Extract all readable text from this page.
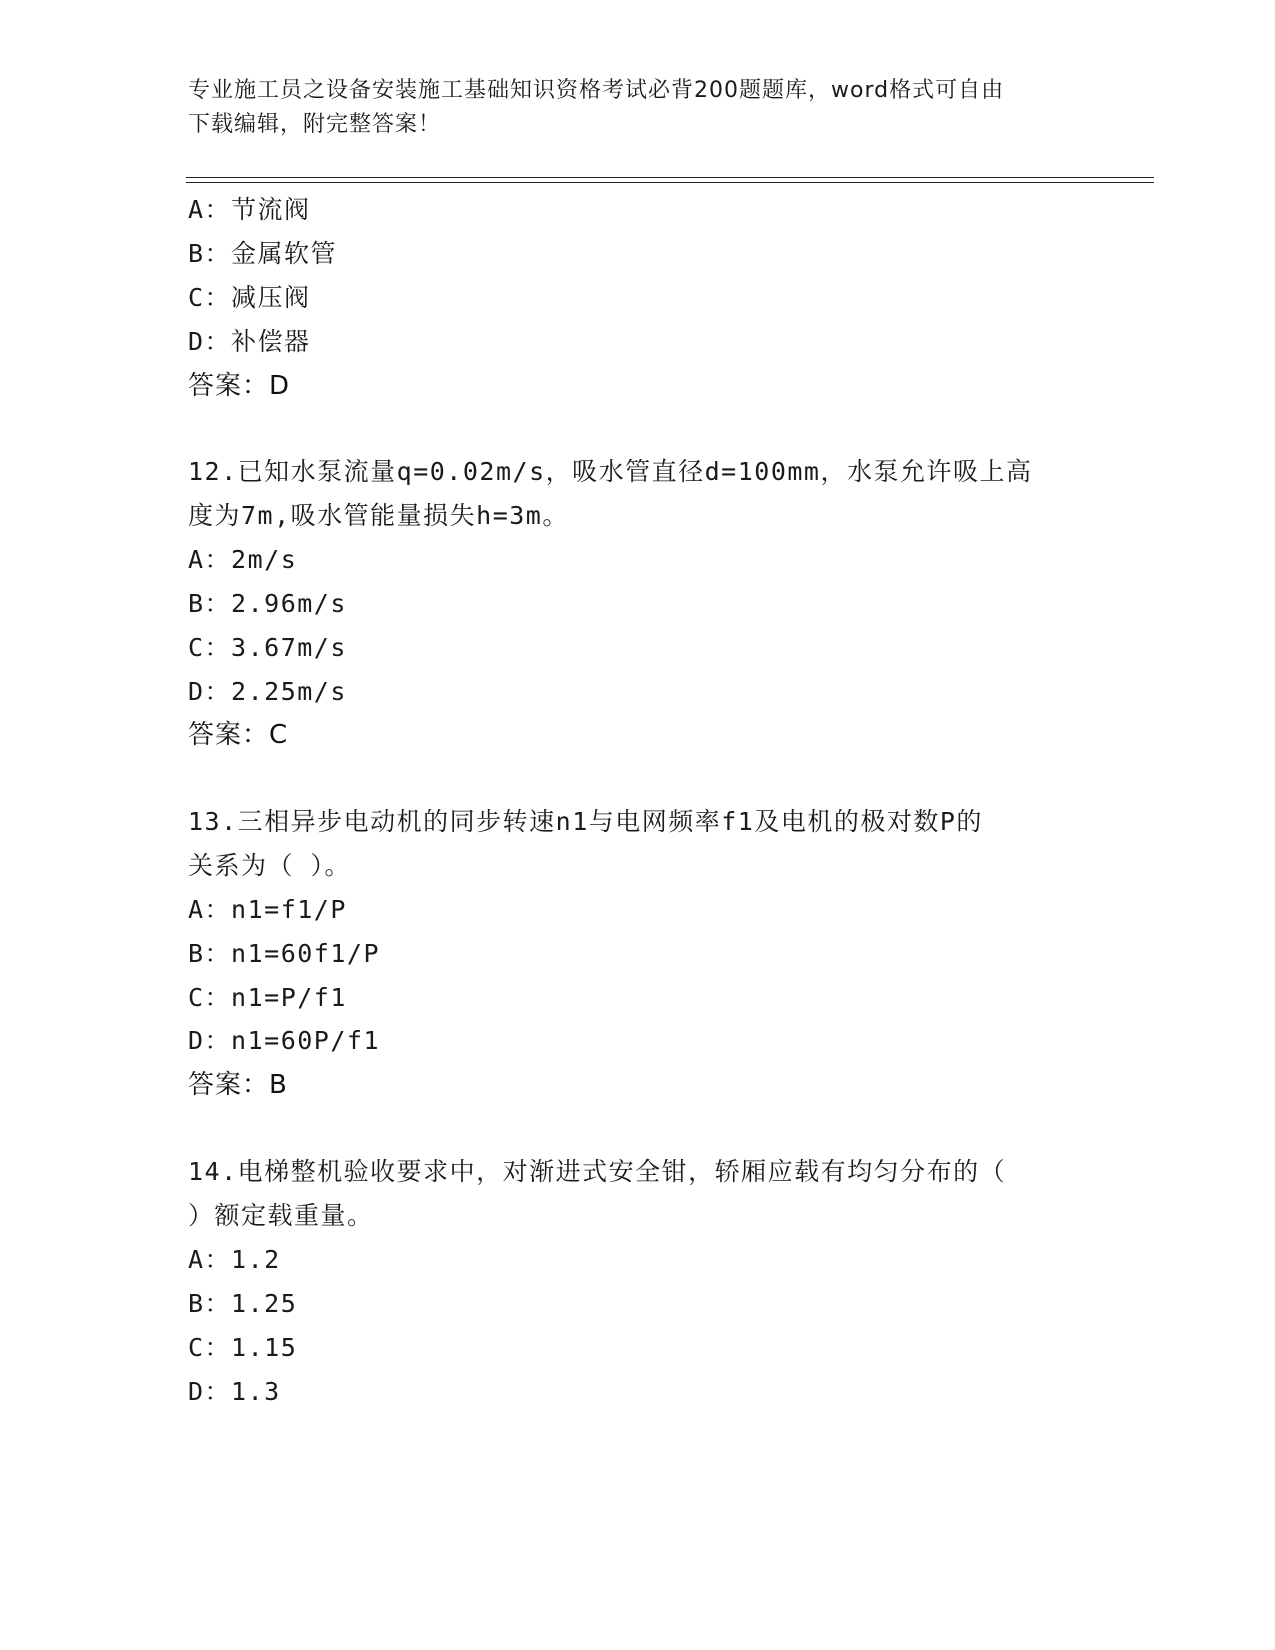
专业施工员之设备安装施工基础知识资格考试必背200题题库，word格式可自由
下载编辑，附完整答案！
A：节流阀
B：金属软管
C：减压阀
D：补偿器
答案：D
12.已知水泵流量q=0.02m/s，吸水管直径d=100mm，水泵允许吸上高
度为7m,吸水管能量损失h=3m。
A：2m/s
B：2.96m/s
C：3.67m/s
D：2.25m/s
答案：C
13.三相异步电动机的同步转速n1与电网频率f1及电机的极对数P的
关系为（ ）。
A：n1=f1/P
B：n1=60f1/P
C：n1=P/f1
D：n1=60P/f1
答案：B
14.电梯整机验收要求中，对渐进式安全钳，轿厢应载有均匀分布的（
）额定载重量。
A：1.2
B：1.25
C：1.15
D：1.3
